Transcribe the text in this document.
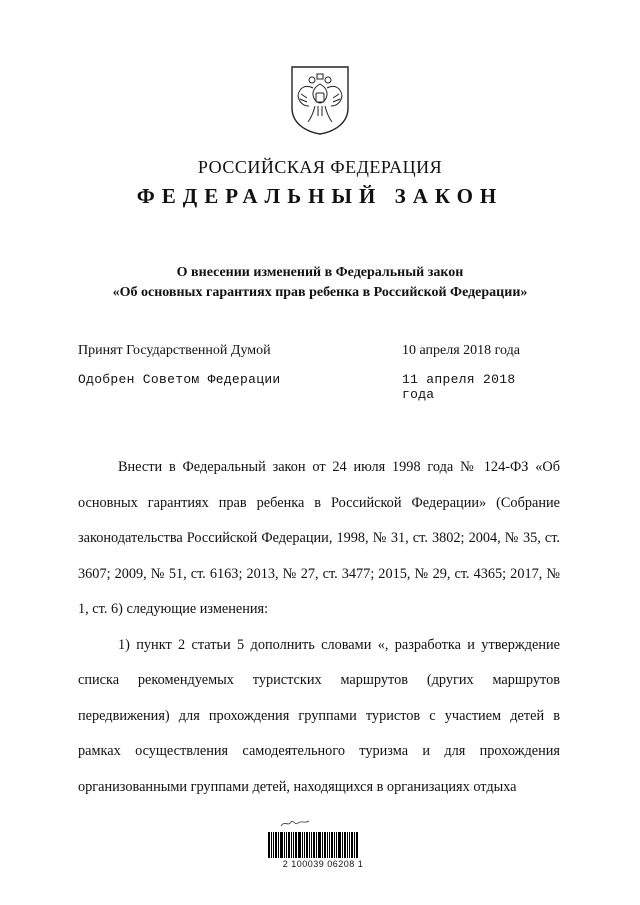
РОССИЙСКАЯ ФЕДЕРАЦИЯ
ФЕДЕРАЛЬНЫЙ ЗАКОН
О внесении изменений в Федеральный закон
«Об основных гарантиях прав ребенка в Российской Федерации»
Принят Государственной Думой	10 апреля 2018 года
Одобрен Советом Федерации	11 апреля 2018 года

Внести в Федеральный закон от 24 июля 1998 года № 124-ФЗ «Об основных гарантиях прав ребенка в Российской Федерации» (Собрание законодательства Российской Федерации, 1998, № 31, ст. 3802; 2004, № 35, ст. 3607; 2009, № 51, ст. 6163; 2013, № 27, ст. 3477; 2015, № 29, ст. 4365; 2017, № 1, ст. 6) следующие изменения:

1) пункт 2 статьи 5 дополнить словами «, разработка и утверждение списка рекомендуемых туристских маршрутов (других маршрутов передвижения) для прохождения группами туристов с участием детей в рамках осуществления самодеятельного туризма и для прохождения организованными группами детей, находящихся в организациях отдыха

2 100039 06208 1
